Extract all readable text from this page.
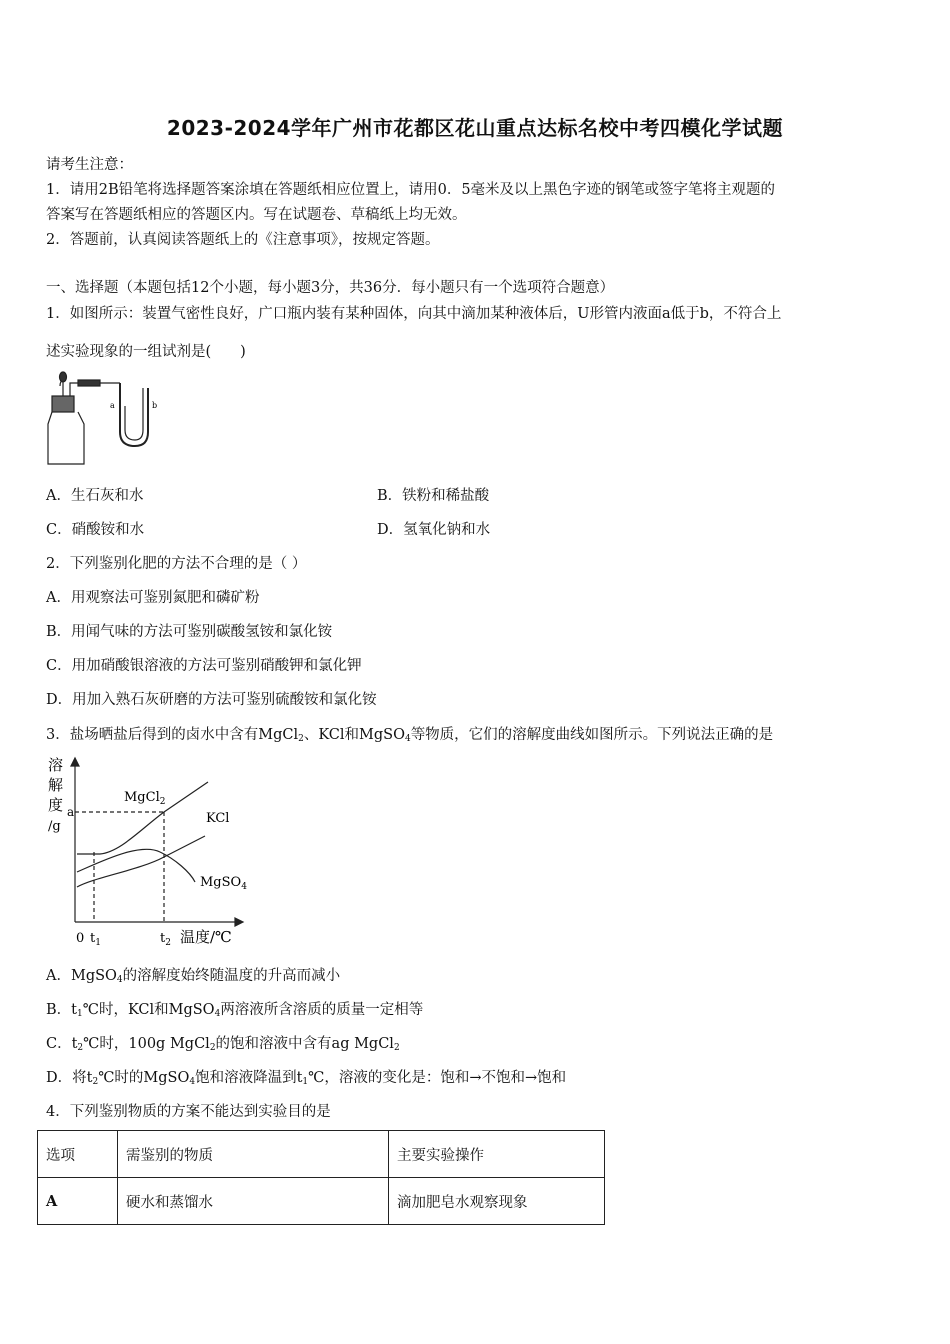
2023-2024学年广州市花都区花山重点达标名校中考四模化学试题
请考生注意：
1．请用2B铅笔将选择题答案涂填在答题纸相应位置上，请用0．5毫米及以上黑色字迹的钢笔或签字笔将主观题的
答案写在答题纸相应的答题区内。写在试题卷、草稿纸上均无效。
2．答题前，认真阅读答题纸上的《注意事项》，按规定答题。
一、选择题（本题包括12个小题，每小题3分，共36分．每小题只有一个选项符合题意）
1．如图所示：装置气密性良好，广口瓶内装有某种固体，向其中滴加某种液体后，U形管内液面a低于b，不符合上
述实验现象的一组试剂是(　　)
a	b
A．生石灰和水	B．铁粉和稀盐酸
C．硝酸铵和水	D．氢氧化钠和水
2．下列鉴别化肥的方法不合理的是（ ）
A．用观察法可鉴别氮肥和磷矿粉
B．用闻气味的方法可鉴别碳酸氢铵和氯化铵
C．用加硝酸银溶液的方法可鉴别硝酸钾和氯化钾
D．用加入熟石灰研磨的方法可鉴别硫酸铵和氯化铵
3．盐场晒盐后得到的卤水中含有MgCl$_2$、KCl和MgSO$_4$等物质，它们的溶解度曲线如图所示。下列说法正确的是
溶
解
度
/g
a
MgCl$_2$
KCl
MgSO$_4$
0 $t_1$	$t_2$ 温度/℃
A．MgSO$_4$的溶解度始终随温度的升高而减小
B．$t_1℃$时，KCl和MgSO$_4$两溶液所含溶质的质量一定相等
C．$t_2℃$时，100g MgCl$_2$的饱和溶液中含有ag MgCl$_2$
D．将$t_2℃$时的MgSO$_4$饱和溶液降温到$t_1℃$，溶液的变化是：饱和→不饱和→饱和
4．下列鉴别物质的方案不能达到实验目的是
选项	需鉴别的物质	主要实验操作
A	硬水和蒸馏水	滴加肥皂水观察现象
